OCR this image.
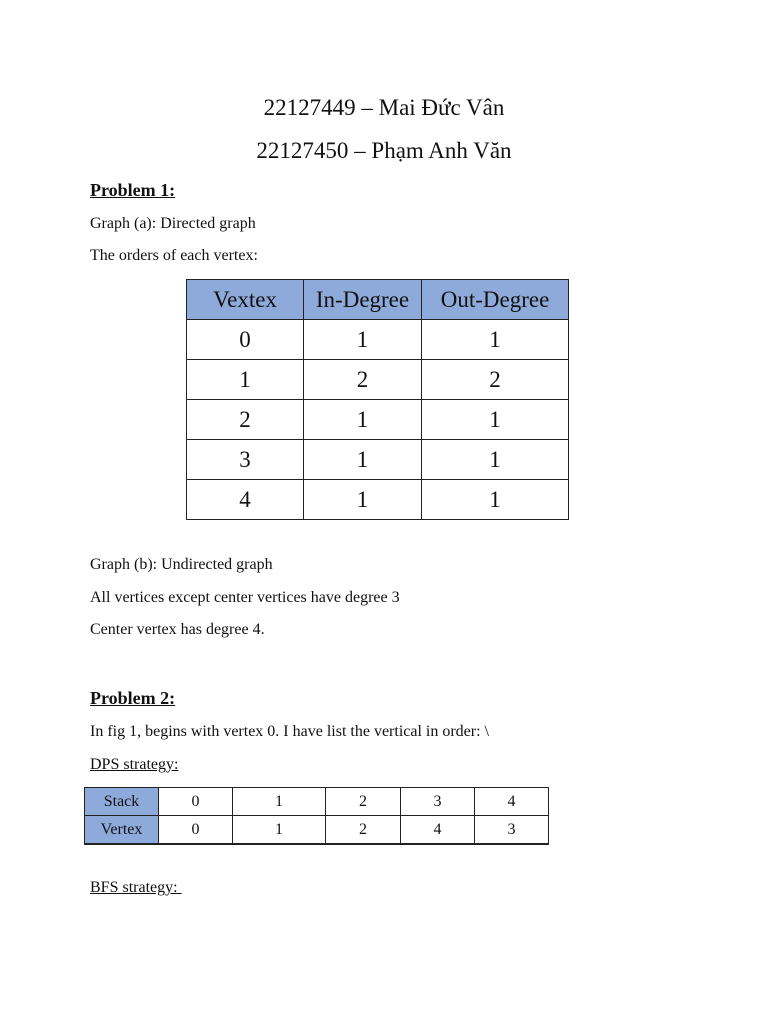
22127449 – Mai Đức Vân
22127450 – Phạm Anh Văn
Problem 1:
Graph (a): Directed graph
The orders of each vertex:
Vextex	In-Degree	Out-Degree
0	1	1
1	2	2
2	1	1
3	1	1
4	1	1
Graph (b): Undirected graph
All vertices except center vertices have degree 3
Center vertex has degree 4.
Problem 2:
In fig 1, begins with vertex 0. I have list the vertical in order: \
DPS strategy:
Stack	0	1	2	3	4
Vertex	0	1	2	4	3
BFS strategy:
